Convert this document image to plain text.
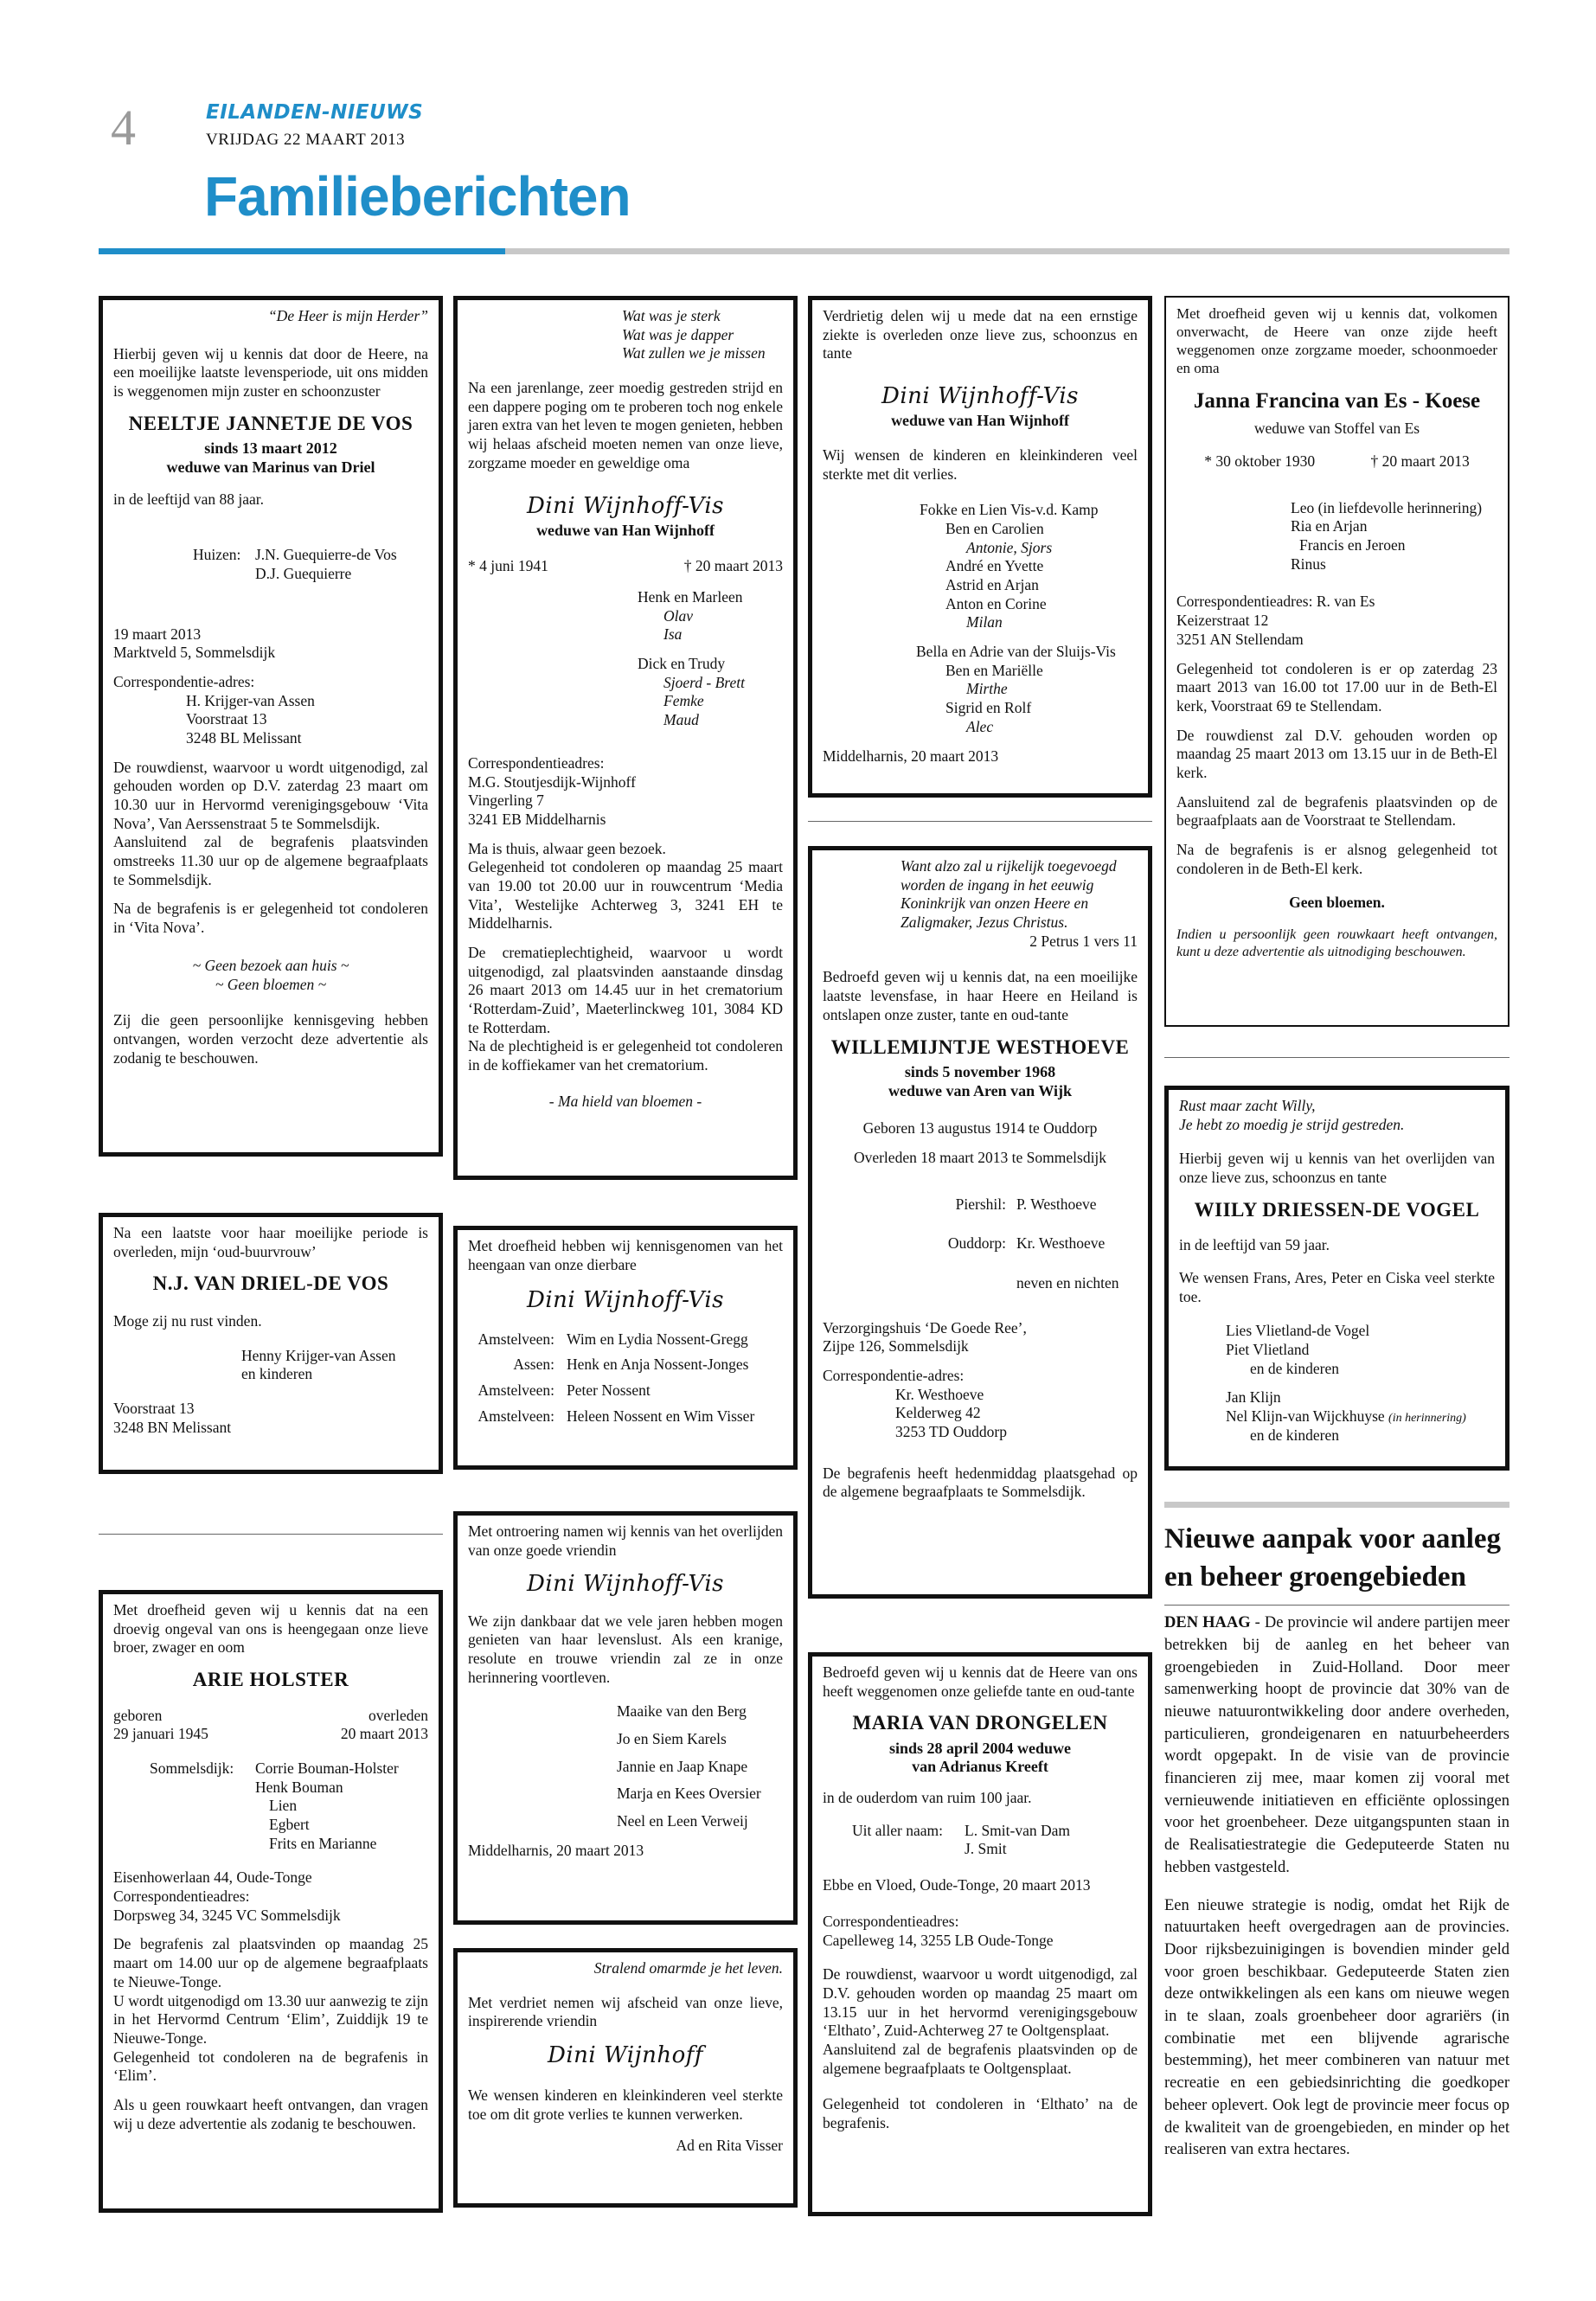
4	EILANDEN-NIEUWS
VRIJDAG 22 MAART 2013
Familieberichten

“De Heer is mijn Herder”

Hierbij geven wij u kennis dat door de Heere, na een moeilijke laatste levensperiode, uit ons midden is weggenomen mijn zuster en schoonzuster

NEELTJE JANNETJE DE VOS
sinds 13 maart 2012
weduwe van Marinus van Driel

in de leeftijd van 88 jaar.

Huizen: J.N. Guequierre-de Vos
D.J. Guequierre
19 maart 2013

Marktveld 5, Sommelsdijk

Correspondentie-adres:
H. Krijger-van Assen
Voorstraat 13

3248 BL Melissant

De rouwdienst, waarvoor u wordt uitgenodigd, zal gehouden worden op D.V. zaterdag 23 maart om 10.30 uur in Hervormd verenigingsgebouw ‘Vita Nova’, Van Aerssenstraat 5 te Sommelsdijk.

Aansluitend zal de begrafenis plaatsvinden omstreeks 11.30 uur op de algemene begraafplaats te Sommelsdijk.

Na de begrafenis is er gelegenheid tot condoleren in ‘Vita Nova’.

~ Geen bezoek aan huis ~

~ Geen bloemen ~

Zij die geen persoonlijke kennisgeving hebben ontvangen, worden verzocht deze advertentie als zodanig te beschouwen.

Na een laatste voor haar moeilijke periode is overleden, mijn ‘oud-buurvrouw’

N.J. VAN DRIEL-DE VOS

Moge zij nu rust vinden.

Henny Krijger-van Assen
en kinderen
Voorstraat 13
3248 BN Melissant

Met droefheid geven wij u kennis dat na een droevig ongeval van ons is heengegaan onze lieve broer, zwager en oom

ARIE HOLSTER
geboren
29 januari 1945
overleden
20 maart 2013
Sommelsdijk:	Corrie Bouman-Holster
Henk Bouman
Lien
Egbert
Frits en Marianne
Eisenhowerlaan 44, Oude-Tonge
Correspondentieadres:

Dorpsweg 34, 3245 VC Sommelsdijk

De begrafenis zal plaatsvinden op maandag 25 maart om 14.00 uur op de algemene begraafplaats te Nieuwe-Tonge.

U wordt uitgenodigd om 13.30 uur aanwezig te zijn in het Hervormd Centrum ‘Elim’, Zuiddijk 19 te Nieuwe-Tonge.

Gelegenheid tot condoleren na de begrafenis in ‘Elim’.

Als u geen rouwkaart heeft ontvangen, dan vragen wij u deze advertentie als zodanig te beschouwen.

Wat was je sterk
Wat was je dapper

Wat zullen we je missen

Na een jarenlange, zeer moedig gestreden strijd en een dappere poging om te proberen toch nog enkele jaren extra van het leven te mogen genieten, hebben wij helaas afscheid moeten nemen van onze lieve, zorgzame moeder en geweldige oma

Dini Wijnhoff-Vis
weduwe van Han Wijnhoff
* 4 juni 1941	† 20 maart 2013
Henk en Marleen
Olav
Isa
Dick en Trudy
Sjoerd - Brett
Femke
Maud
Correspondentieadres:
M.G. Stoutjesdijk-Wijnhoff
Vingerling 7

3241 EB Middelharnis

Ma is thuis, alwaar geen bezoek.

Gelegenheid tot condoleren op maandag 25 maart van 19.00 tot 20.00 uur in rouwcentrum ‘Media Vita’, Westelijke Achterweg 3, 3241 EH te Middelharnis.

De crematieplechtigheid, waarvoor u wordt uitgenodigd, zal plaatsvinden aanstaande dinsdag 26 maart 2013 om 14.45 uur in het crematorium ‘Rotterdam-Zuid’, Maeterlinckweg 101, 3084 KD te Rotterdam.

Na de plechtigheid is er gelegenheid tot condoleren in de koffiekamer van het crematorium.

- Ma hield van bloemen -

Met droefheid hebben wij kennisgenomen van het heengaan van onze dierbare

Dini Wijnhoff-Vis
Amstelveen: Wim en Lydia Nossent-Gregg
Assen: Henk en Anja Nossent-Jonges
Amstelveen: Peter Nossent
Amstelveen: Heleen Nossent en Wim Visser

Met ontroering namen wij kennis van het overlijden van onze goede vriendin

Dini Wijnhoff-Vis

We zijn dankbaar dat we vele jaren hebben mogen genieten van haar levenslust. Als een kranige, resolute en trouwe vriendin zal ze in onze herinnering voortleven.

Maaike van den Berg
Jo en Siem Karels
Jannie en Jaap Knape
Marja en Kees Oversier
Neel en Leen Verweij
Middelharnis, 20 maart 2013

Stralend omarmde je het leven.

Met verdriet nemen wij afscheid van onze lieve, inspirerende vriendin

Dini Wijnhoff

We wensen kinderen en kleinkinderen veel sterkte toe om dit grote verlies te kunnen verwerken.

Ad en Rita Visser

Verdrietig delen wij u mede dat na een ernstige ziekte is overleden onze lieve zus, schoonzus en tante

Dini Wijnhoff-Vis
weduwe van Han Wijnhoff

Wij wensen de kinderen en kleinkinderen veel sterkte met dit verlies.

Fokke en Lien Vis-v.d. Kamp
Ben en Carolien
Antonie, Sjors
André en Yvette
Astrid en Arjan
Anton en Corine
Milan
Bella en Adrie van der Sluijs-Vis
Ben en Mariëlle
Mirthe
Sigrid en Rolf
Alec
Middelharnis, 20 maart 2013
Want alzo zal u rijkelijk toegevoegd
worden de ingang in het eeuwig
Koninkrijk van onzen Heere en
Zaligmaker, Jezus Christus.

2 Petrus 1 vers 11

Bedroefd geven wij u kennis dat, na een moeilijke laatste levensfase, in haar Heere en Heiland is ontslapen onze zuster, tante en oud-tante

WILLEMIJNTJE WESTHOEVE
sinds 5 november 1968
weduwe van Aren van Wijk

Geboren 13 augustus 1914 te Ouddorp

Overleden 18 maart 2013 te Sommelsdijk

Piershil: P. Westhoeve
Ouddorp: Kr. Westhoeve
neven en nichten
Verzorgingshuis ‘De Goede Ree’,

Zijpe 126, Sommelsdijk

Correspondentie-adres:
Kr. Westhoeve
Kelderweg 42

3253 TD Ouddorp

De begrafenis heeft hedenmiddag plaatsgehad op de algemene begraafplaats te Sommelsdijk.

Bedroefd geven wij u kennis dat de Heere van ons heeft weggenomen onze geliefde tante en oud-tante

MARIA VAN DRONGELEN
sinds 28 april 2004 weduwe
van Adrianus Kreeft

in de ouderdom van ruim 100 jaar.

Uit aller naam:	L. Smit-van Dam
J. Smit

Ebbe en Vloed, Oude-Tonge, 20 maart 2013

Correspondentieadres:

Capelleweg 14, 3255 LB Oude-Tonge

De rouwdienst, waarvoor u wordt uitgenodigd, zal D.V. gehouden worden op maandag 25 maart om 13.15 uur in het hervormd verenigingsgebouw ‘Elthato’, Zuid-Achterweg 27 te Ooltgensplaat.

Aansluitend zal de begrafenis plaatsvinden op de algemene begraafplaats te Ooltgensplaat.

Gelegenheid tot condoleren in ‘Elthato’ na de begrafenis.

Met droefheid geven wij u kennis dat, volkomen onverwacht, de Heere van onze zijde heeft weggenomen onze zorgzame moeder, schoonmoeder en oma

Janna Francina van Es - Koese

weduwe van Stoffel van Es

* 30 oktober 1930	† 20 maart 2013
Leo (in liefdevolle herinnering)
Ria en Arjan
Francis en Jeroen
Rinus
Correspondentieadres: R. van Es
Keizerstraat 12

3251 AN Stellendam

Gelegenheid tot condoleren is er op zaterdag 23 maart 2013 van 16.00 tot 17.00 uur in de Beth-El kerk, Voorstraat 69 te Stellendam.

De rouwdienst zal D.V. gehouden worden op maandag 25 maart 2013 om 13.15 uur in de Beth-El kerk.

Aansluitend zal de begrafenis plaatsvinden op de begraafplaats aan de Voorstraat te Stellendam.

Na de begrafenis is er alsnog gelegenheid tot condoleren in de Beth-El kerk.

Geen bloemen.

Indien u persoonlijk geen rouwkaart heeft ontvangen, kunt u deze advertentie als uitnodiging beschouwen.

Rust maar zacht Willy,

Je hebt zo moedig je strijd gestreden.

Hierbij geven wij u kennis van het overlijden van onze lieve zus, schoonzus en tante

WIILY DRIESSEN-DE VOGEL

in de leeftijd van 59 jaar.

We wensen Frans, Ares, Peter en Ciska veel sterkte toe.

Lies Vlietland-de Vogel
Piet Vlietland
en de kinderen
Jan Klijn
Nel Klijn-van Wijckhuyse (in herinnering)
en de kinderen
Nieuwe aanpak voor aanleg
en beheer groengebieden

DEN HAAG - De provincie wil andere partijen meer betrekken bij de aanleg en het beheer van groengebieden in Zuid-Holland. Door meer samenwerking hoopt de provincie dat 30% van de nieuwe natuurontwikkeling door andere overheden, particulieren, grondeigenaren en natuurbeheerders wordt opgepakt. In de visie van de provincie financieren zij mee, maar komen zij vooral met vernieuwende initiatieven en efficiënte oplossingen voor het groenbeheer. Deze uitgangspunten staan in de Realisatiestrategie die Gedeputeerde Staten nu hebben vastgesteld.

Een nieuwe strategie is nodig, omdat het Rijk de natuurtaken heeft overgedragen aan de provincies. Door rijksbezuinigingen is bovendien minder geld voor groen beschikbaar. Gedeputeerde Staten zien deze ontwikkelingen als een kans om nieuwe wegen in te slaan, zoals groenbeheer door agrariërs (in combinatie met een blijvende agrarische bestemming), het meer combineren van natuur met recreatie en een gebiedsinrichting die goedkoper beheer oplevert. Ook legt de provincie meer focus op de kwaliteit van de groengebieden, en minder op het realiseren van extra hectares.
